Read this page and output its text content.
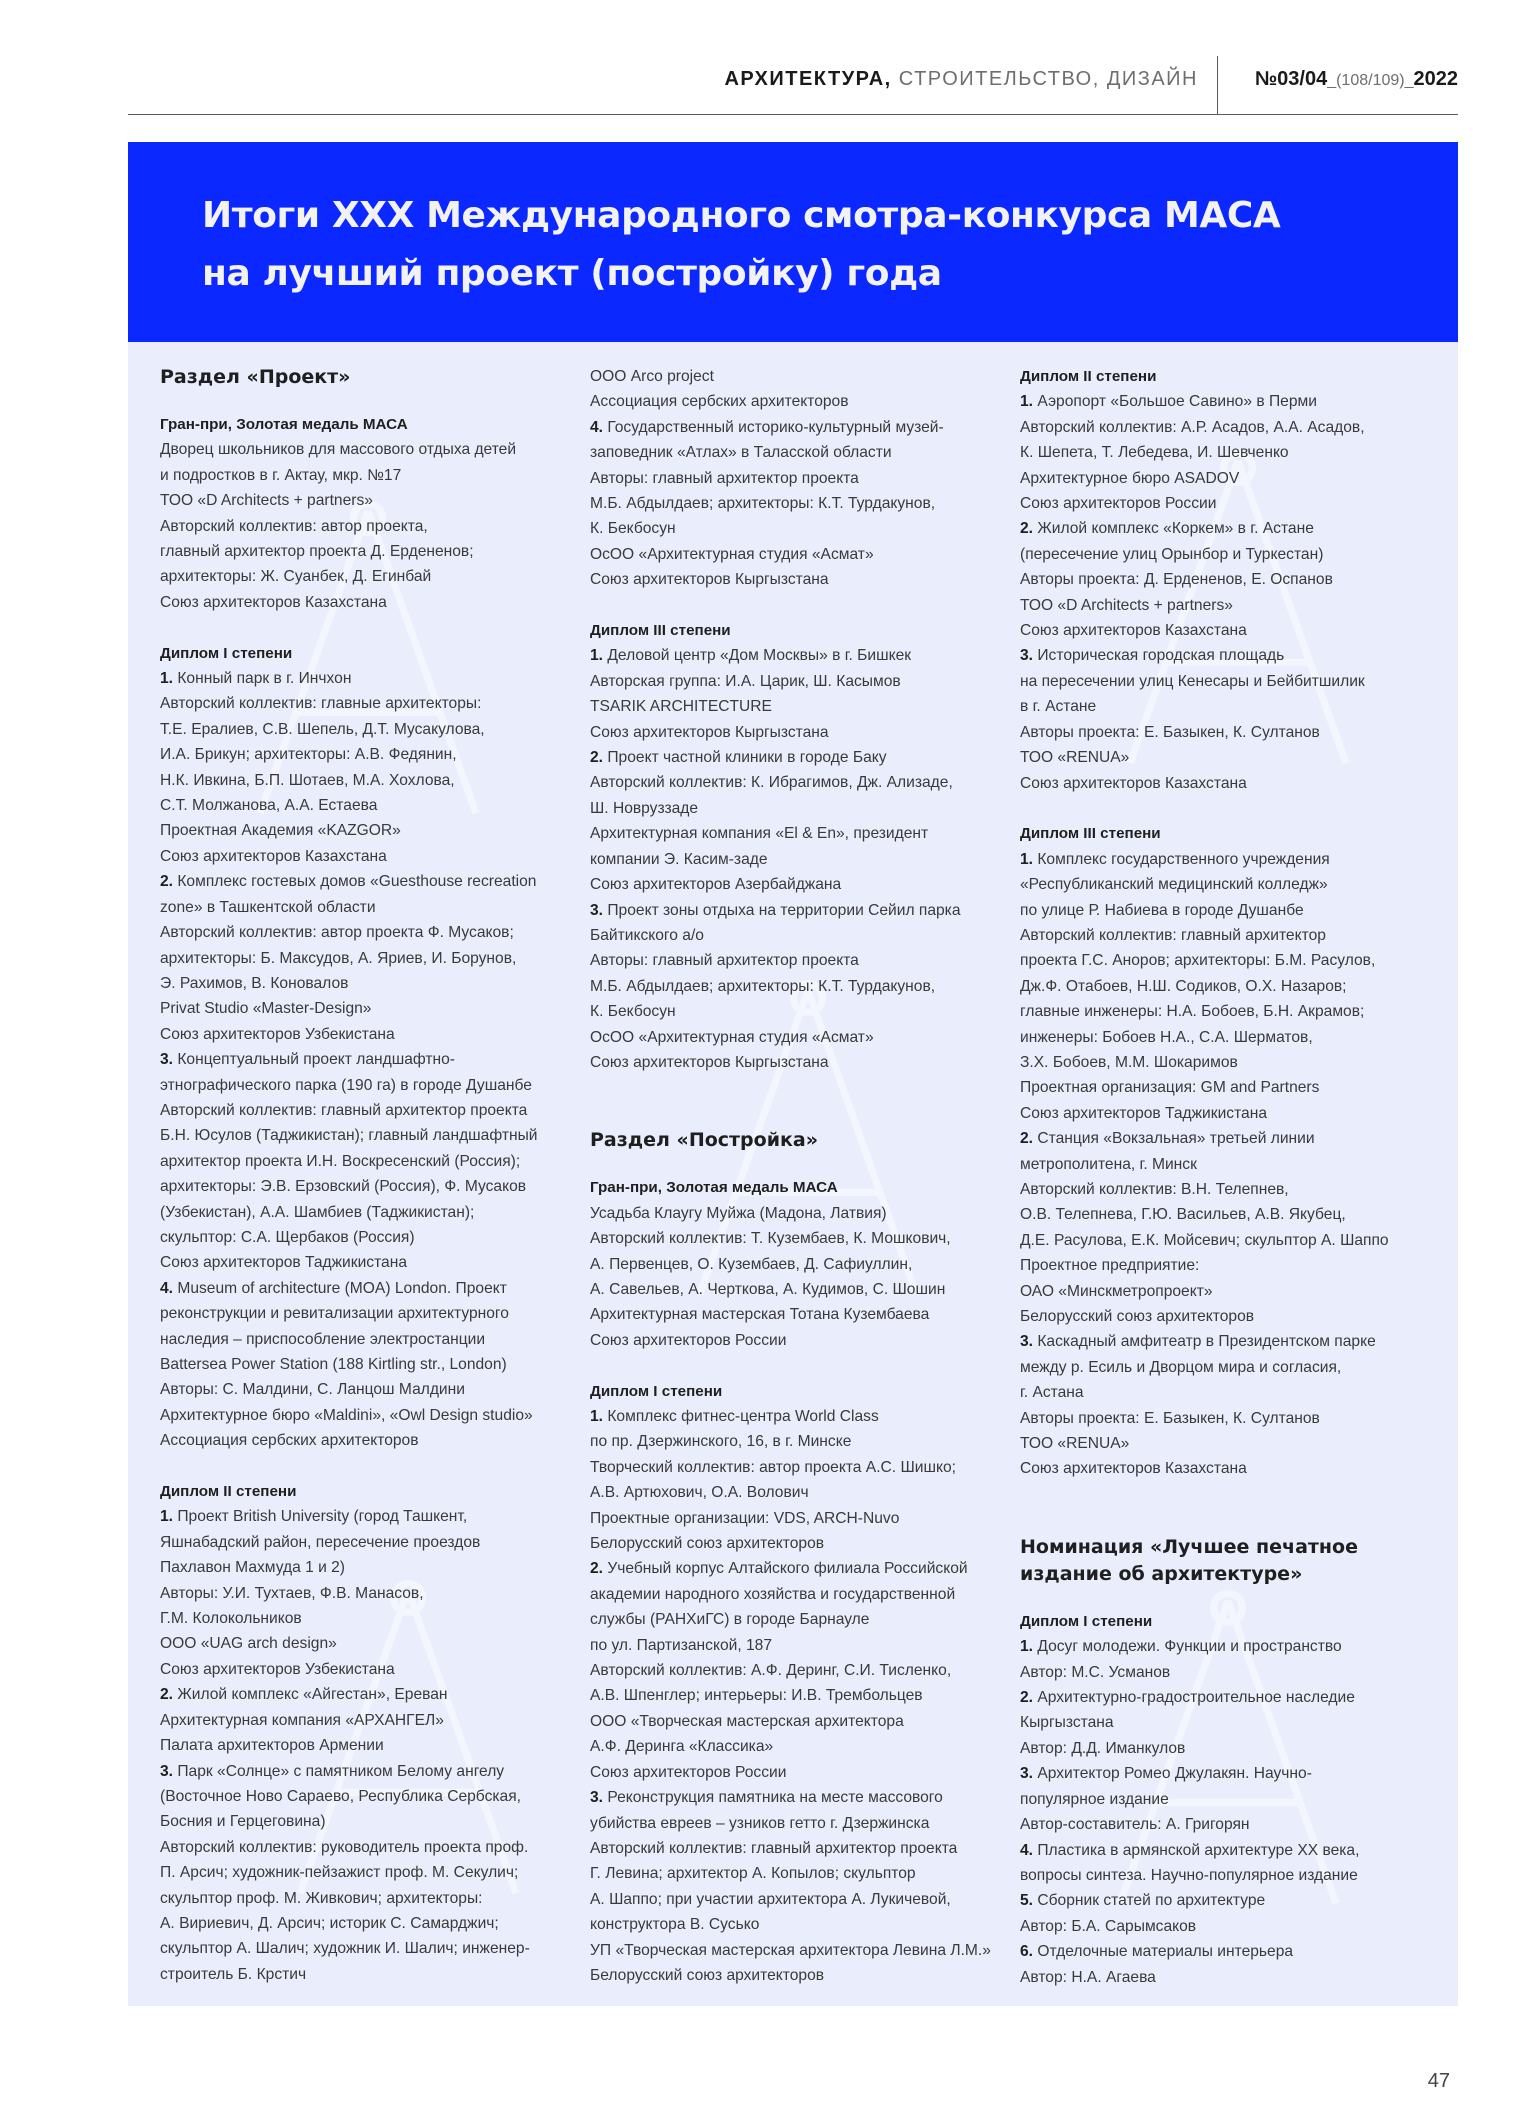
АРХИТЕКТУРА, СТРОИТЕЛЬСТВО, ДИЗАЙН	№03/04_(108/109)_2022
Итоги XXX Международного смотра-конкурса МАСА
на лучший проект (постройку) года
Раздел «Проект»

Гран-при, Золотая медаль МАСА

Дворец школьников для массового отдыха детей

и подростков в г. Актау, мкр. №17

ТОО «D Architects + partners»

Авторский коллектив: автор проекта,

главный архитектор проекта Д. Ердененов;

архитекторы: Ж. Суанбек, Д. Егинбай

Союз архитекторов Казахстана

Диплом I степени

1. Конный парк в г. Инчхон

Авторский коллектив: главные архитекторы:

Т.Е. Ералиев, С.В. Шепель, Д.Т. Мусакулова,

И.А. Брикун; архитекторы: А.В. Федянин,

Н.К. Ивкина, Б.П. Шотаев, М.А. Хохлова,

С.Т. Молжанова, А.А. Естаева

Проектная Академия «KAZGOR»

Союз архитекторов Казахстана

2. Комплекс гостевых домов «Guesthouse recreation

zone» в Ташкентской области

Авторский коллектив: автор проекта Ф. Мусаков;

архитекторы: Б. Максудов, А. Яриев, И. Борунов,

Э. Рахимов, В. Коновалов

Privat Studio «Master-Design»

Союз архитекторов Узбекистана

3. Концептуальный проект ландшафтно-

этнографического парка (190 га) в городе Душанбе

Авторский коллектив: главный архитектор проекта

Б.Н. Юсулов (Таджикистан); главный ландшафтный

архитектор проекта И.Н. Воскресенский (Россия);

архитекторы: Э.В. Ерзовский (Россия), Ф. Мусаков

(Узбекистан), А.А. Шамбиев (Таджикистан);

скульптор: С.А. Щербаков (Россия)

Союз архитекторов Таджикистана

4. Museum of architecture (MOA) London. Проект

реконструкции и ревитализации архитектурного

наследия – приспособление электростанции

Battersea Power Station (188 Kirtling str., London)

Авторы: С. Малдини, С. Ланцош Малдини

Архитектурное бюро «Maldini», «Owl Design studio»

Ассоциация сербских архитекторов

Диплом II степени

1. Проект British University (город Ташкент,

Яшнабадский район, пересечение проездов

Пахлавон Махмуда 1 и 2)

Авторы: У.И. Тухтаев, Ф.В. Манасов,

Г.М. Колокольников

ООО «UAG arch design»

Союз архитекторов Узбекистана

2. Жилой комплекс «Айгестан», Ереван

Архитектурная компания «АРХАНГЕЛ»

Палата архитекторов Армении

3. Парк «Солнце» с памятником Белому ангелу

(Восточное Ново Сараево, Республика Сербская,

Босния и Герцеговина)

Авторский коллектив: руководитель проекта проф.

П. Арсич; художник-пейзажист проф. М. Секулич;

скульптор проф. М. Живкович; архитекторы:

А. Вириевич, Д. Арсич; историк С. Самарджич;

скульптор А. Шалич; художник И. Шалич; инженер-

строитель Б. Крстич

ООО Arco project

Ассоциация сербских архитекторов

4. Государственный историко-культурный музей-

заповедник «Атлах» в Таласской области

Авторы: главный архитектор проекта

М.Б. Абдылдаев; архитекторы: К.Т. Турдакунов,

К. Бекбосун

ОсОО «Архитектурная студия «Асмат»

Союз архитекторов Кыргызстана

Диплом III степени

1. Деловой центр «Дом Москвы» в г. Бишкек

Авторская группа: И.А. Царик, Ш. Касымов

TSARIK ARCHITECTURE

Союз архитекторов Кыргызстана

2. Проект частной клиники в городе Баку

Авторский коллектив: К. Ибрагимов, Дж. Ализаде,

Ш. Новруззаде

Архитектурная компания «El & En», президент

компании Э. Касим-заде

Союз архитекторов Азербайджана

3. Проект зоны отдыха на территории Сейил парка

Байтикского а/о

Авторы: главный архитектор проекта

М.Б. Абдылдаев; архитекторы: К.Т. Турдакунов,

К. Бекбосун

ОсОО «Архитектурная студия «Асмат»

Союз архитекторов Кыргызстана

Раздел «Постройка»

Гран-при, Золотая медаль МАСА

Усадьба Клаугу Муйжа (Мадона, Латвия)

Авторский коллектив: Т. Кузембаев, К. Мошкович,

А. Первенцев, О. Кузембаев, Д. Сафиуллин,

А. Савельев, А. Черткова, А. Кудимов, С. Шошин

Архитектурная мастерская Тотана Кузембаева

Союз архитекторов России

Диплом I степени

1. Комплекс фитнес-центра World Class

по пр. Дзержинского, 16, в г. Минске

Творческий коллектив: автор проекта А.С. Шишко;

А.В. Артюхович, О.А. Волович

Проектные организации: VDS, ARCH-Nuvo

Белорусский союз архитекторов

2. Учебный корпус Алтайского филиала Российской

академии народного хозяйства и государственной

службы (РАНХиГС) в городе Барнауле

по ул. Партизанской, 187

Авторский коллектив: А.Ф. Деринг, С.И. Тисленко,

А.В. Шпенглер; интерьеры: И.В. Трембольцев

ООО «Творческая мастерская архитектора

А.Ф. Деринга «Классика»

Союз архитекторов России

3. Реконструкция памятника на месте массового

убийства евреев – узников гетто г. Дзержинска

Авторский коллектив: главный архитектор проекта

Г. Левина; архитектор А. Копылов; скульптор

А. Шаппо; при участии архитектора А. Лукичевой,

конструктора В. Сусько

УП «Творческая мастерская архитектора Левина Л.М.»

Белорусский союз архитекторов

Диплом II степени

1. Аэропорт «Большое Савино» в Перми

Авторский коллектив: А.Р. Асадов, А.А. Асадов,

К. Шепета, Т. Лебедева, И. Шевченко

Архитектурное бюро ASADOV

Союз архитекторов России

2. Жилой комплекс «Коркем» в г. Астане

(пересечение улиц Орынбор и Туркестан)

Авторы проекта: Д. Ердененов, Е. Оспанов

ТОО «D Architects + partners»

Союз архитекторов Казахстана

3. Историческая городская площадь

на пересечении улиц Кенесары и Бейбитшилик

в г. Астане

Авторы проекта: Е. Базыкен, К. Султанов

ТОО «RENUA»

Союз архитекторов Казахстана

Диплом III степени

1. Комплекс государственного учреждения

«Республиканский медицинский колледж»

по улице Р. Набиева в городе Душанбе

Авторский коллектив: главный архитектор

проекта Г.С. Аноров; архитекторы: Б.М. Расулов,

Дж.Ф. Отабоев, Н.Ш. Содиков, О.Х. Назаров;

главные инженеры: Н.А. Бобоев, Б.Н. Акрамов;

инженеры: Бобоев Н.А., С.А. Шерматов,

З.Х. Бобоев, М.М. Шокаримов

Проектная организация: GM and Partners

Союз архитекторов Таджикистана

2. Станция «Вокзальная» третьей линии

метрополитена, г. Минск

Авторский коллектив: В.Н. Телепнев,

О.В. Телепнева, Г.Ю. Васильев, А.В. Якубец,

Д.Е. Расулова, Е.К. Мойсевич; скульптор А. Шаппо

Проектное предприятие:

ОАО «Минскметропроект»

Белорусский союз архитекторов

3. Каскадный амфитеатр в Президентском парке

между р. Есиль и Дворцом мира и согласия,

г. Астана

Авторы проекта: Е. Базыкен, К. Султанов

ТОО «RENUA»

Союз архитекторов Казахстана

Номинация «Лучшее печатное
издание об архитектуре»

Диплом I степени

1. Досуг молодежи. Функции и пространство

Автор: М.С. Усманов

2. Архитектурно-градостроительное наследие

Кыргызстана

Автор: Д.Д. Иманкулов

3. Архитектор Ромео Джулакян. Научно-

популярное издание

Автор-составитель: А. Григорян

4. Пластика в армянской архитектуре XX века,

вопросы синтеза. Научно-популярное издание

5. Сборник статей по архитектуре

Автор: Б.А. Сарымсаков

6. Отделочные материалы интерьера

Автор: Н.А. Агаева

47
